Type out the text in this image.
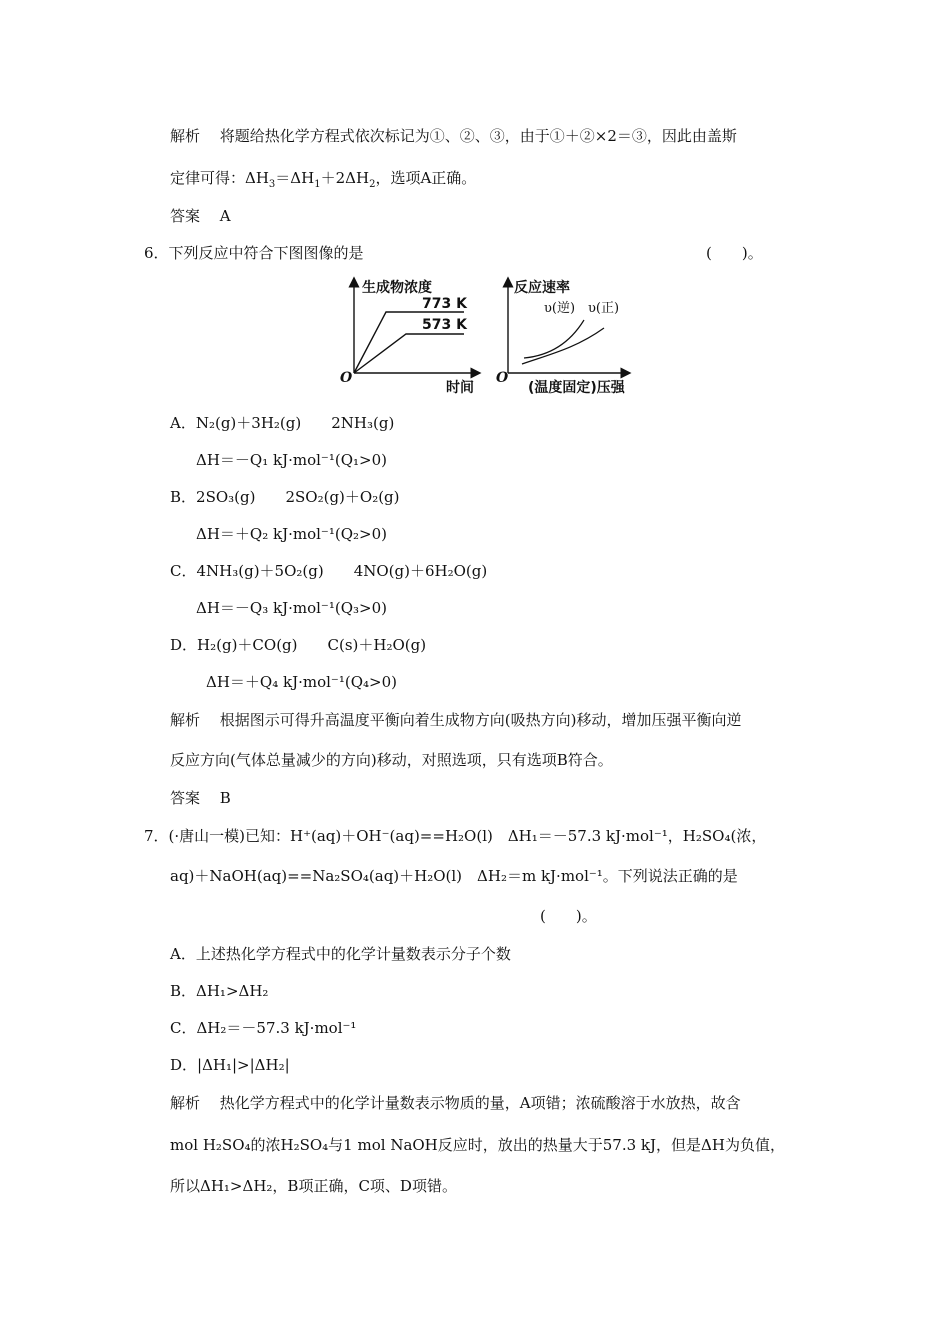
解析　 将题给热化学方程式依次标记为①、②、③，由于①＋②×2＝③，因此由盖斯
定律可得：$\Delta H_3=\Delta H_1+2\Delta H_2$，选项A正确。
答案　 A
6．下列反应中符合下图图像的是	(　　)。
生成物浓度
O
时间
773 K
573 K
反应速率
O
(温度固定)压强
υ(逆) υ(正)
A．N₂(g)＋3H₂(g)　　2NH₃(g)
ΔH＝－Q₁ kJ·mol⁻¹(Q₁>0)
B．2SO₃(g)　　2SO₂(g)＋O₂(g)
ΔH＝＋Q₂ kJ·mol⁻¹(Q₂>0)
C．4NH₃(g)＋5O₂(g)　　4NO(g)＋6H₂O(g)
ΔH＝－Q₃ kJ·mol⁻¹(Q₃>0)
D．H₂(g)＋CO(g)　　C(s)＋H₂O(g)
ΔH＝＋Q₄ kJ·mol⁻¹(Q₄>0)
解析　 根据图示可得升高温度平衡向着生成物方向(吸热方向)移动，增加压强平衡向逆
反应方向(气体总量减少的方向)移动，对照选项，只有选项B符合。
答案　 B
7．(·唐山一模)已知：H⁺(aq)＋OH⁻(aq)==H₂O(l)　ΔH₁＝－57.3 kJ·mol⁻¹，H₂SO₄(浓，
aq)＋NaOH(aq)==Na₂SO₄(aq)＋H₂O(l)　ΔH₂＝m kJ·mol⁻¹。下列说法正确的是
(　　)。
A．上述热化学方程式中的化学计量数表示分子个数
B．ΔH₁>ΔH₂
C．ΔH₂＝－57.3 kJ·mol⁻¹
D．|ΔH₁|>|ΔH₂|
解析　 热化学方程式中的化学计量数表示物质的量，A项错；浓硫酸溶于水放热，故含
mol H₂SO₄的浓H₂SO₄与1 mol NaOH反应时，放出的热量大于57.3 kJ，但是ΔH为负值，
所以ΔH₁>ΔH₂，B项正确，C项、D项错。
